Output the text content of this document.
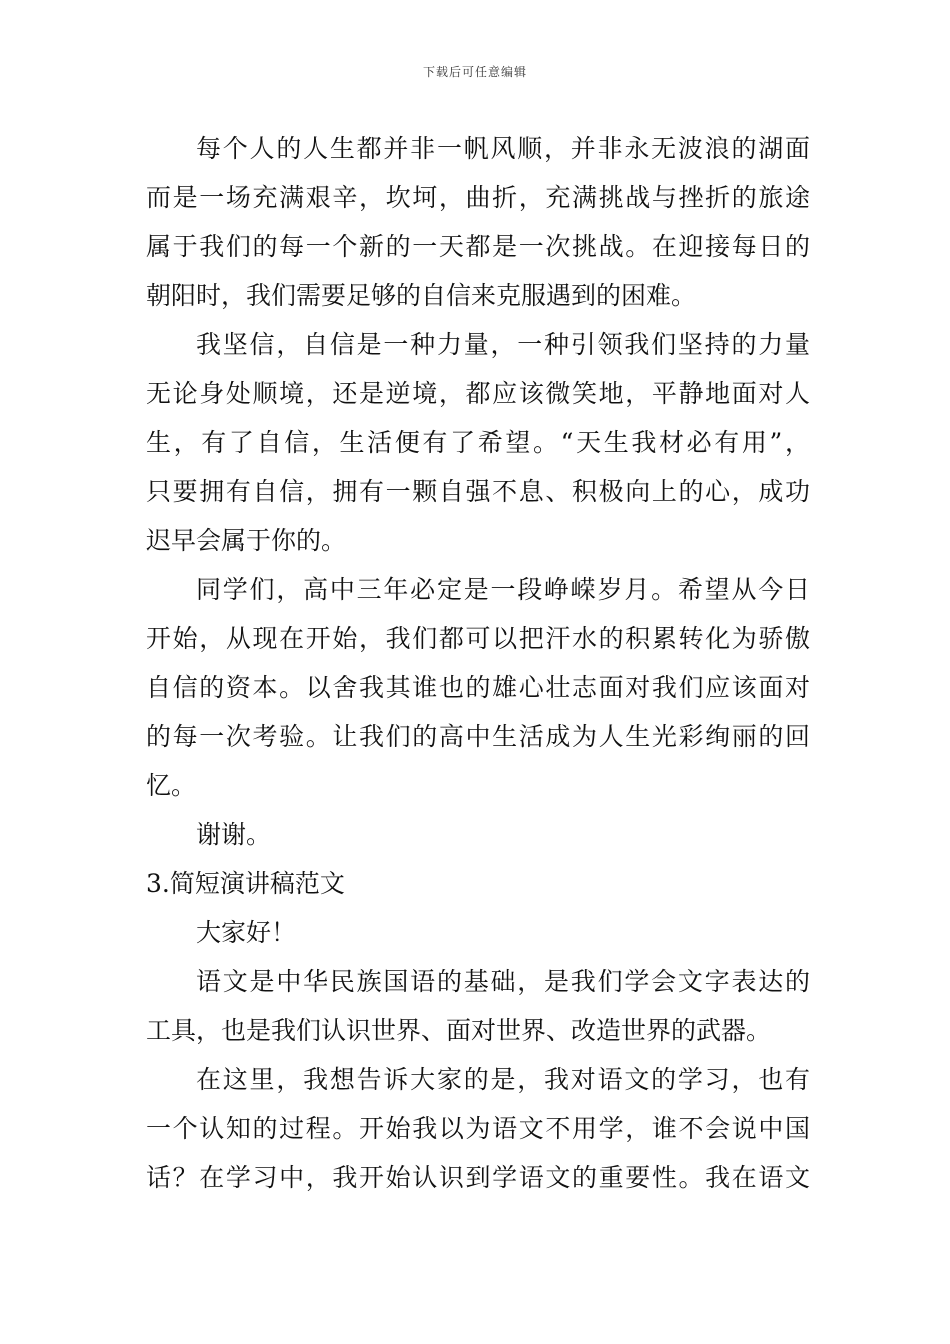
下载后可任意编辑
每个人的人生都并非一帆风顺，并非永无波浪的湖面
而是一场充满艰辛，坎坷，曲折，充满挑战与挫折的旅途
属于我们的每一个新的一天都是一次挑战。在迎接每日的
朝阳时，我们需要足够的自信来克服遇到的困难。
我坚信，自信是一种力量，一种引领我们坚持的力量
无论身处顺境，还是逆境，都应该微笑地，平静地面对人
生，有了自信，生活便有了希望。“天生我材必有用”，
只要拥有自信，拥有一颗自强不息、积极向上的心，成功
迟早会属于你的。
同学们，高中三年必定是一段峥嵘岁月。希望从今日
开始，从现在开始，我们都可以把汗水的积累转化为骄傲
自信的资本。以舍我其谁也的雄心壮志面对我们应该面对
的每一次考验。让我们的高中生活成为人生光彩绚丽的回
忆。
谢谢。
3.简短演讲稿范文
大家好！
语文是中华民族国语的基础，是我们学会文字表达的
工具，也是我们认识世界、面对世界、改造世界的武器。
在这里，我想告诉大家的是，我对语文的学习，也有
一个认知的过程。开始我以为语文不用学，谁不会说中国
话？在学习中，我开始认识到学语文的重要性。我在语文
